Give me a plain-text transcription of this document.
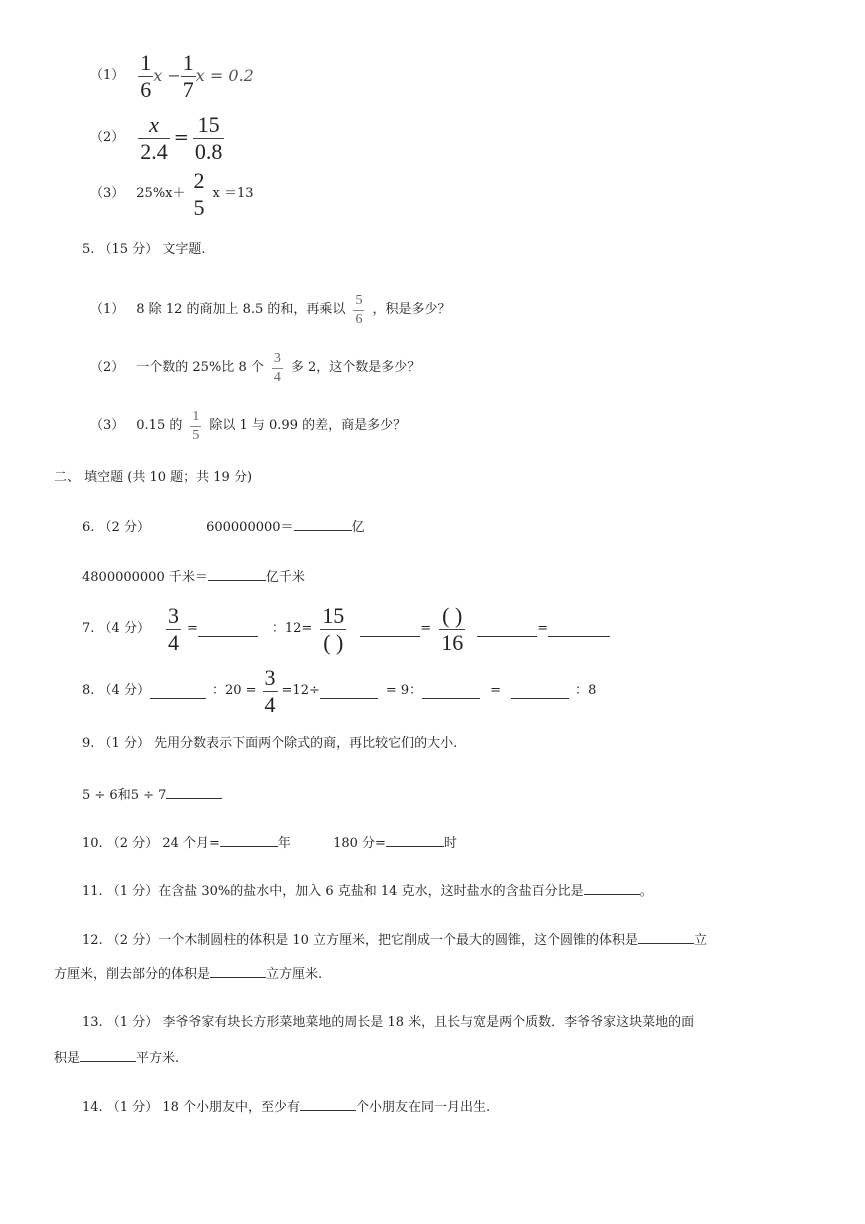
$(1) \frac{1}{6}$ $x - \frac{1}{7}$ x = 0.2
$(2) \frac{x}{2.4} = \frac{15}{0.8}$
（3） $25\%x+ \frac{2}{5}$ x ＝13
5. （15 分） 文字题.
（1） 8 除 12 的商加上 8.5 的和，再乘以 $\frac{5}{6}$ ，积是多少？
（2） 一个数的 25%比 8 个 $\frac{3}{4}$ 多 2，这个数是多少？
（3） 0.15 的 $\frac{1}{5}$ 除以 1 与 0.99 的差，商是多少？
二、 填空题 (共 10 题；共 19 分)
6. （2 分）	600000000＝	亿
4800000000 千米＝	亿千米
7. （4 分） $\frac{3}{4}$ =	：$12= \frac{15}{( )}$	= $\frac{( )}{16}$	=
8. （4 分）	：$20 = \frac{3}{4} =12\div$	= 9：	=	：8
9. （1 分） 先用分数表示下面两个除式的商，再比较它们的大小.
5 ÷ 6和5 ÷ 7
10. （2 分） 24 个月=	年	180 分=	时
11. （1 分）在含盐 30%的盐水中，加入 6 克盐和 14 克水，这时盐水的含盐百分比是	。
12. （2 分）一个木制圆柱的体积是 10 立方厘米，把它削成一个最大的圆锥，这个圆锥的体积是	立
方厘米，削去部分的体积是	立方厘米.
13. （1 分） 李爷爷家有块长方形菜地菜地的周长是 18 米，且长与宽是两个质数．李爷爷家这块菜地的面
积是	平方米.
14. （1 分） 18 个小朋友中，至少有	个小朋友在同一月出生.
